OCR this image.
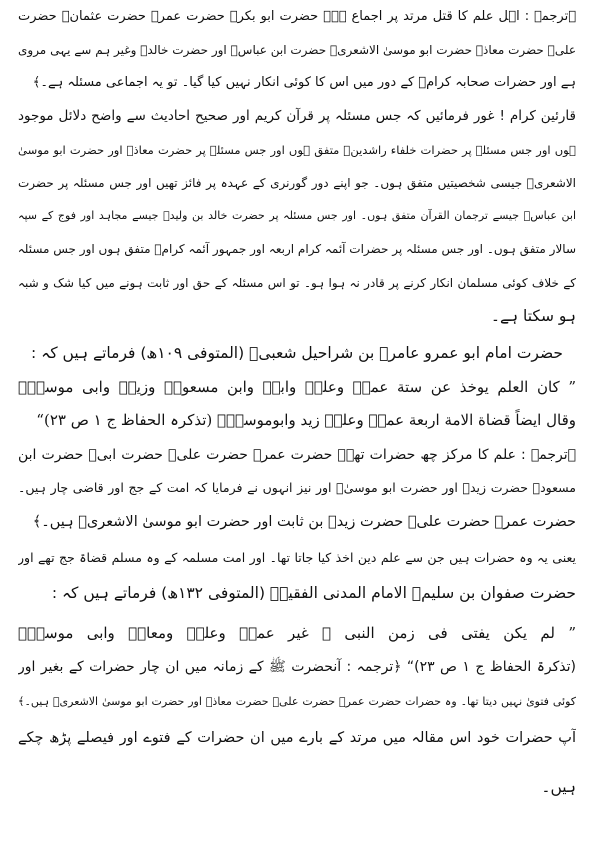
﴿ترجمہ : اہل علم کا قتل مرتد پر اجماع ہے۔ حضرت ابو بکرؓ حضرت عمرؓ حضرت عثمانؓ حضرت
علیؓ حضرت معاذؓ حضرت ابو موسیٰ الاشعریؓ حضرت ابن عباسؓ اور حضرت خالدؓ وغیر ہم سے یہی مروی
ہے اور حضرات صحابہ کرامؓ کے دور میں اس کا کوئی انکار نہیں کیا گیا۔ تو یہ اجماعی مسئلہ ہے۔﴾
قارئین کرام ! غور فرمائیں کہ جس مسئلہ پر قرآن کریم اور صحیح احادیث سے واضح دلائل موجود
ہوں اور جس مسئلہ پر حضرات خلفاء راشدینؓ متفق ہوں اور جس مسئلہ پر حضرت معاذؓ اور حضرت ابو موسیٰ
الاشعریؓ جیسی شخصیتیں متفق ہوں۔ جو اپنے دور گورنری کے عہدہ پر فائز تھیں اور جس مسئلہ پر حضرت
ابن عباسؓ جیسے ترجمان القرآن متفق ہوں۔ اور جس مسئلہ پر حضرت خالد بن ولیدؓ جیسے مجاہد اور فوج کے سپہ
سالار متفق ہوں۔ اور جس مسئلہ پر حضرات آئمہ کرام اربعہ اور جمہور آئمہ کرامؒ متفق ہوں اور جس مسئلہ
کے خلاف کوئی مسلمان انکار کرنے پر قادر نہ ہوا ہو۔ تو اس مسئلہ کے حق اور ثابت ہونے میں کیا شک و شبہ
ہو سکتا ہے۔
حضرت امام ابو عمرو عامرؒ بن شراحیل شعبیؒ (المتوفی ۱۰۹ھ) فرماتے ہیں کہ :
” کان العلم یوخذ عن ستة عمرؓ وعلیؓ وابیؓ وابن مسعودؓ وزیدؓ وابی موسیٰؓ
وقال ایضاً قضاة الامة اربعة عمرؓ وعلیؓ زید وابوموسیٰؓ (تذکرہ الحفاظ ج ۱ ص ۲۳)“
﴿ترجمہ : علم کا مرکز چھ حضرات تھے۔ حضرت عمرؓ حضرت علیؓ حضرت ابیؓ حضرت ابن
مسعودؓ حضرت زیدؓ اور حضرت ابو موسیٰؓ اور نیز انہوں نے فرمایا کہ امت کے جج اور قاضی چار ہیں۔
حضرت عمرؓ حضرت علیؓ حضرت زیدؓ بن ثابت اور حضرت ابو موسیٰ الاشعریؓ ہیں۔﴾
یعنی یہ وہ حضرات ہیں جن سے علم دین اخذ کیا جاتا تھا۔ اور امت مسلمہ کے وہ مسلم قضاۃ جج تھے اور
حضرت صفوان بن سلیمؒ الامام المدنی الفقیہؒ (المتوفی ۱۳۲ھ) فرماتے ہیں کہ :
” لم یکن یفتی فی زمن النبی ﷺ غیر عمرؓ وعلیؓ ومعاذؓ وابی موسیٰؓ
(تذکرۃ الحفاظ ج ۱ ص ۲۳)“ ﴿ترجمہ : آنحضرت ﷺ کے زمانہ میں ان چار حضرات کے بغیر اور
کوئی فتویٰ نہیں دیتا تھا۔ وہ حضرات حضرت عمرؓ حضرت علیؓ حضرت معاذؓ اور حضرت ابو موسیٰ الاشعریؓ ہیں۔﴾
آپ حضرات خود اس مقالہ میں مرتد کے بارے میں ان حضرات کے فتوے اور فیصلے پڑھ چکے
ہیں۔
